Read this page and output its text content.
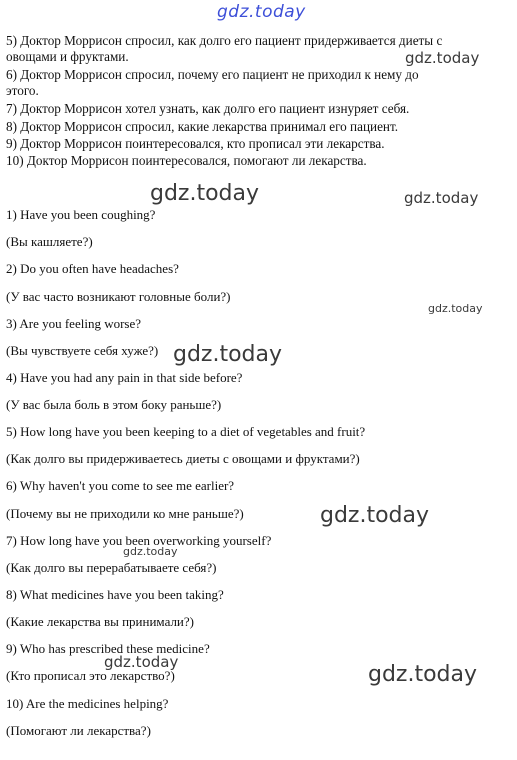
5) Доктор Моррисон спросил, как долго его пациент придерживается диеты с
овощами и фруктами.
6) Доктор Моррисон спросил, почему его пациент не приходил к нему до
этого.
7) Доктор Моррисон хотел узнать, как долго его пациент изнуряет себя.
8) Доктор Моррисон спросил, какие лекарства принимал его пациент.
9) Доктор Моррисон поинтересовался, кто прописал эти лекарства.
10) Доктор Моррисон поинтересовался, помогают ли лекарства.
1) Have you been coughing?
(Вы кашляете?)
2) Do you often have headaches?
(У вас часто возникают головные боли?)
3) Are you feeling worse?
(Вы чувствуете себя хуже?)
4) Have you had any pain in that side before?
(У вас была боль в этом боку раньше?)
5) How long have you been keeping to a diet of vegetables and fruit?
(Как долго вы придерживаетесь диеты с овощами и фруктами?)
6) Why haven't you come to see me earlier?
(Почему вы не приходили ко мне раньше?)
7) How long have you been overworking yourself?
(Как долго вы перерабатываете себя?)
8) What medicines have you been taking?
(Какие лекарства вы принимали?)
9) Who has prescribed these medicine?
(Кто прописал это лекарство?)
10) Are the medicines helping?
(Помогают ли лекарства?)
gdz.today
gdz.today
gdz.today	gdz.today
gdz.today
gdz.today
gdz.today
gdz.today
gdz.today	gdz.today
